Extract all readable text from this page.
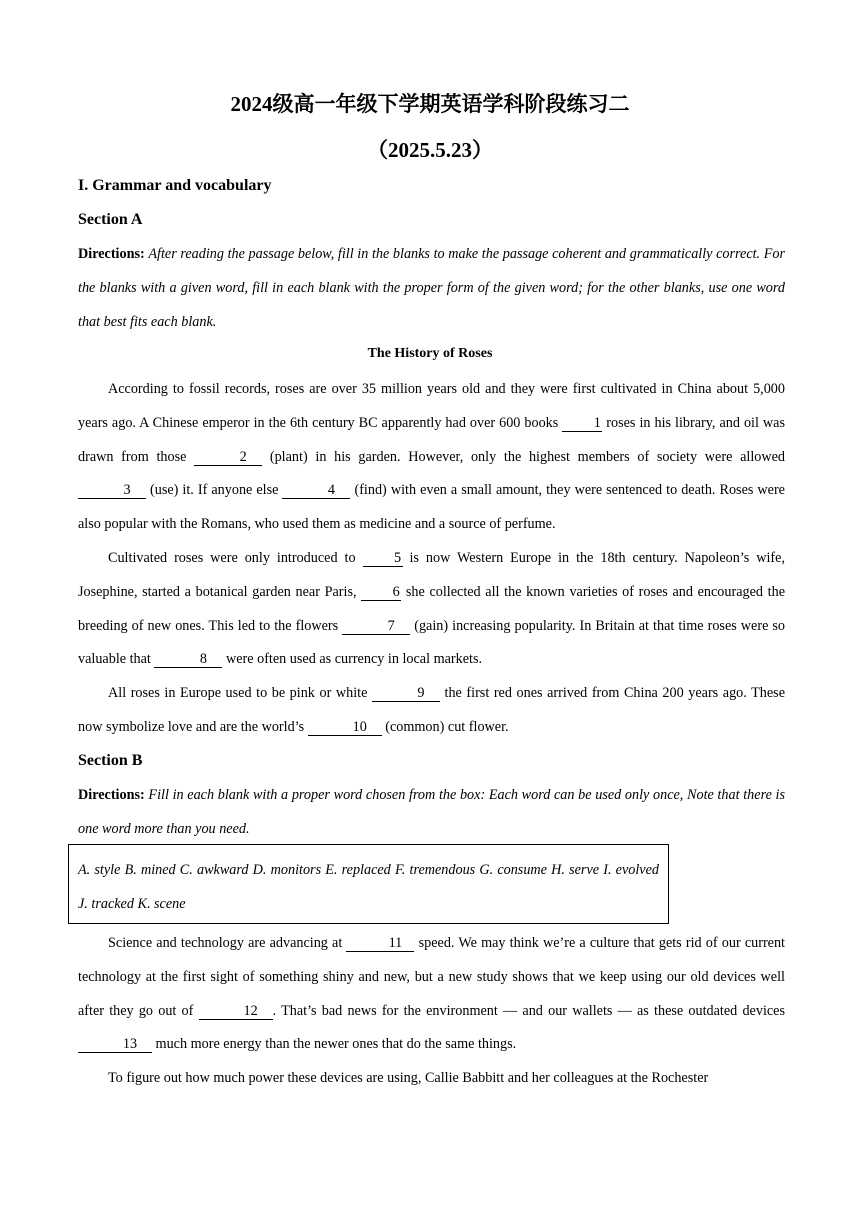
2024级高一年级下学期英语学科阶段练习二
（2025.5.23）
I. Grammar and vocabulary
Section A
Directions: After reading the passage below, fill in the blanks to make the passage coherent and grammatically correct. For the blanks with a given word, fill in each blank with the proper form of the given word; for the other blanks, use one word that best fits each blank.
The History of Roses
According to fossil records, roses are over 35 million years old and they were first cultivated in China about 5,000 years ago. A Chinese emperor in the 6th century BC apparently had over 600 books 1 roses in his library, and oil was drawn from those	2 (plant) in his garden. However, only the highest members of society were allowed 3 (use) it. If anyone else	4 (find) with even a small amount, they were sentenced to death. Roses were also popular with the Romans, who used them as medicine and a source of perfume.
Cultivated roses were only introduced to 5 is now Western Europe in the 18th century. Napoleon’s wife, Josephine, started a botanical garden near Paris, 6 she collected all the known varieties of roses and encouraged the breeding of new ones. This led to the flowers	7 (gain) increasing popularity. In Britain at that time roses were so valuable that	8 were often used as currency in local markets.
All roses in Europe used to be pink or white	9 the first red ones arrived from China 200 years ago. These now symbolize love and are the world’s	10 (common) cut flower.
Section B
Directions: Fill in each blank with a proper word chosen from the box: Each word can be used only once, Note that there is one word more than you need.
A. style B. mined C. awkward D. monitors E. replaced F. tremendous G. consume H. serve I. evolved J. tracked K. scene
Science and technology are advancing at	11 speed. We may think we’re a culture that gets rid of our current technology at the first sight of something shiny and new, but a new study shows that we keep using our old devices well after they go out of	12 . That’s bad news for the environment — and our wallets — as these outdated devices 13 much more energy than the newer ones that do the same things.
To figure out how much power these devices are using, Callie Babbitt and her colleagues at the Rochester
